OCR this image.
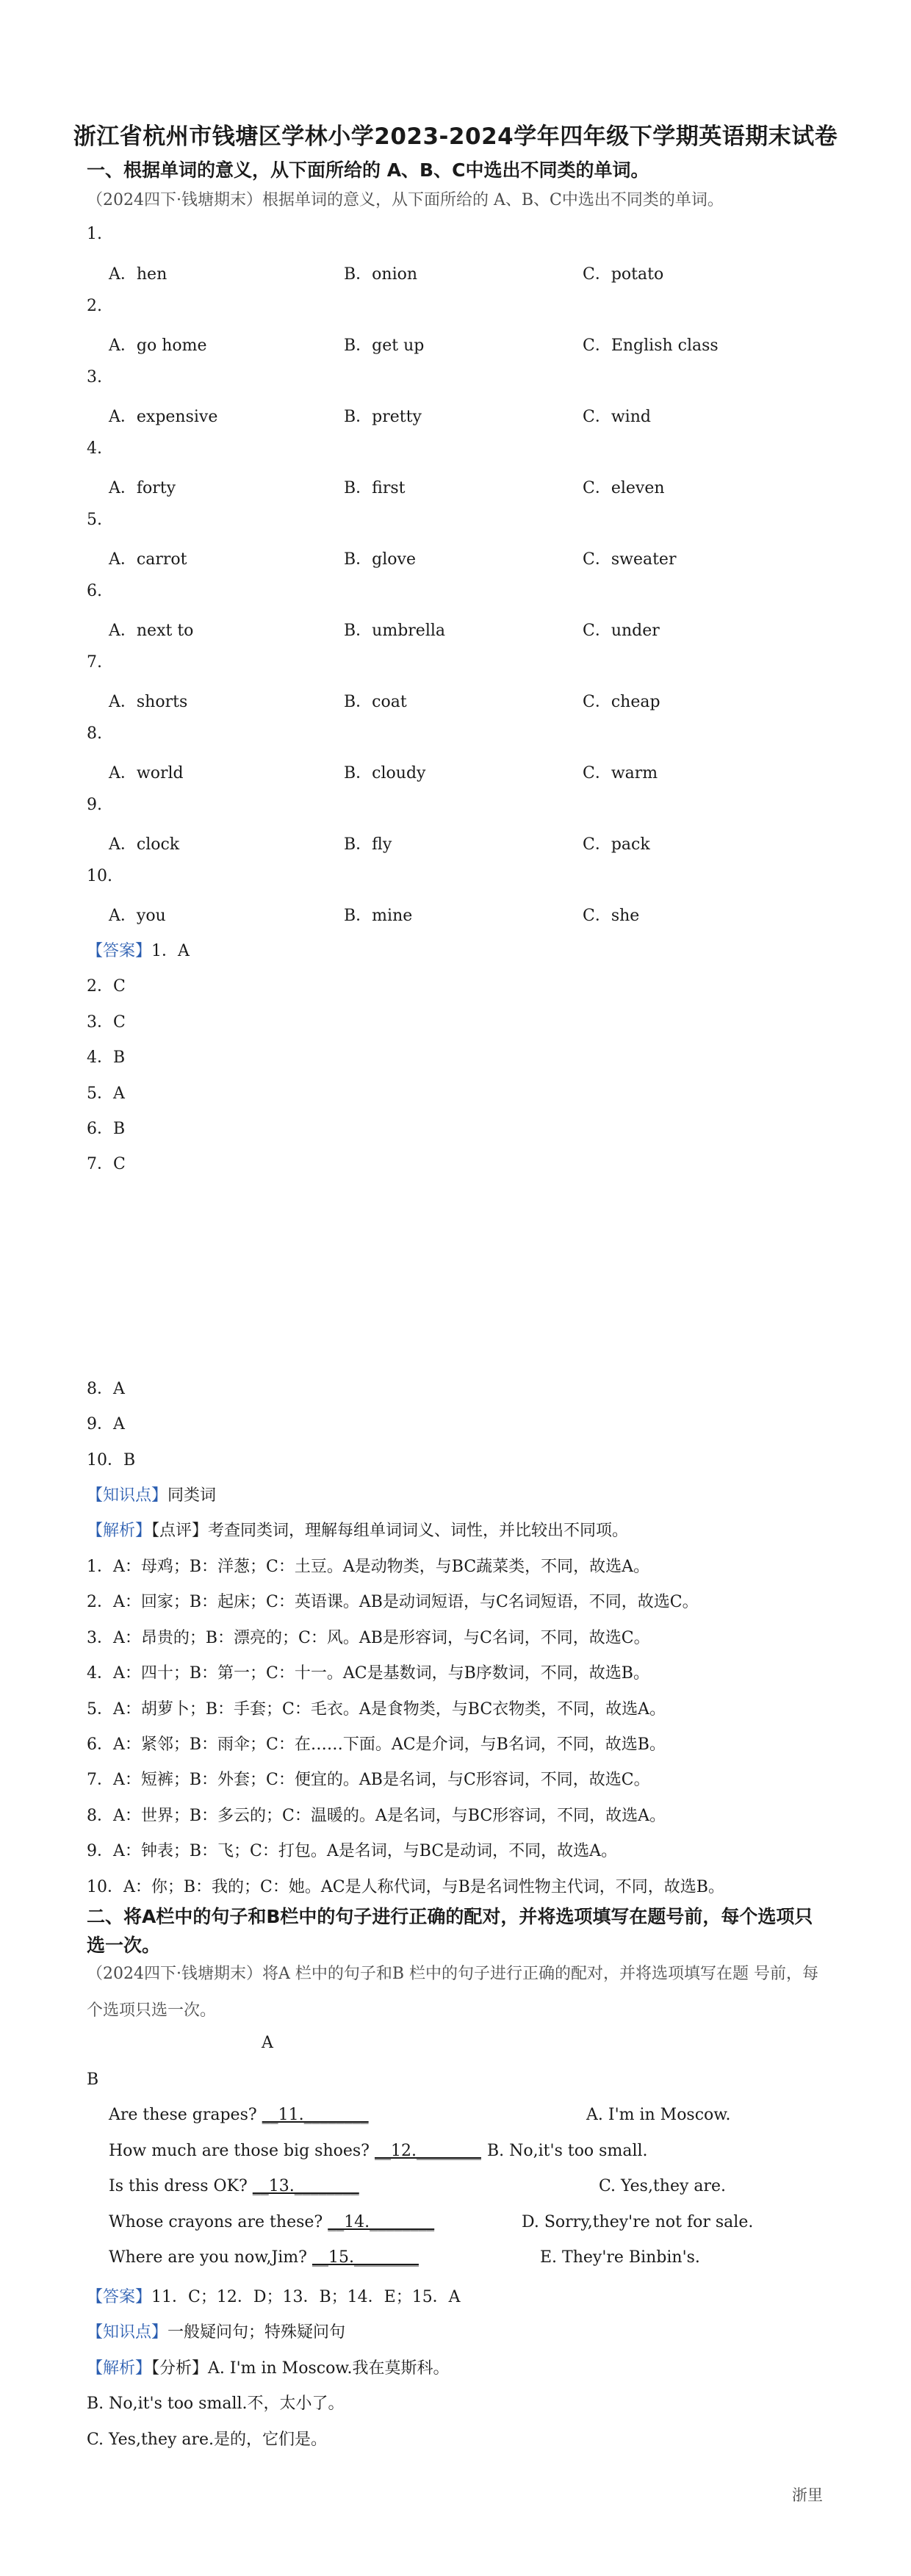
浙江省杭州市钱塘区学林小学2023-2024学年四年级下学期英语期末试卷
一、根据单词的意义，从下面所给的 A、B、C中选出不同类的单词。
（2024四下·钱塘期末）根据单词的意义，从下面所给的 A、B、C中选出不同类的单词。
1.
A．hen	B．onion	C．potato
2.
A．go home	B．get up	C．English class
3.
A．expensive	B．pretty	C．wind
4.
A．forty	B．first	C．eleven
5.
A．carrot	B．glove	C．sweater
6.
A．next to	B．umbrella	C．under
7.
A．shorts	B．coat	C．cheap
8.
A．world	B．cloudy	C．warm
9.
A．clock	B．fly	C．pack
10.
A．you	B．mine	C．she
【答案】1．A
2．C
3．C
4．B
5．A
6．B
7．C
8．A
9．A
10．B
【知识点】同类词
【解析】【点评】考查同类词，理解每组单词词义、词性，并比较出不同项。
1．A：母鸡；B：洋葱；C：土豆。A是动物类，与BC蔬菜类，不同，故选A。
2．A：回家；B：起床；C：英语课。AB是动词短语，与C名词短语，不同，故选C。
3．A：昂贵的；B：漂亮的；C：风。AB是形容词，与C名词，不同，故选C。
4．A：四十；B：第一；C：十一。AC是基数词，与B序数词，不同，故选B。
5．A：胡萝卜；B：手套；C：毛衣。A是食物类，与BC衣物类，不同，故选A。
6．A：紧邻；B：雨伞；C：在……下面。AC是介词，与B名词，不同，故选B。
7．A：短裤；B：外套；C：便宜的。AB是名词，与C形容词，不同，故选C。
8．A：世界；B：多云的；C：温暖的。A是名词，与BC形容词，不同，故选A。
9．A：钟表；B：飞；C：打包。A是名词，与BC是动词，不同，故选A。
10．A：你；B：我的；C：她。AC是人称代词，与B是名词性物主代词，不同，故选B。
二、将A栏中的句子和B栏中的句子进行正确的配对，并将选项填写在题号前，每个选项只选一次。
（2024四下·钱塘期末）将A 栏中的句子和B 栏中的句子进行正确的配对，并将选项填写在题 号前，每个选项只选一次。
A
B
Are these grapes? __11.________	A. I'm in Moscow.
How much are those big shoes? __12.________ B. No,it's too small.
Is this dress OK? __13.________	C. Yes,they are.
Whose crayons are these? __14.________	D. Sorry,they're not for sale.
Where are you now,Jim? __15.________	E. They're Binbin's.
【答案】11．C；12．D；13．B；14．E；15．A
【知识点】一般疑问句；特殊疑问句
【解析】【分析】A. I'm in Moscow.我在莫斯科。
B. No,it's too small.不，太小了。
C. Yes,they are.是的，它们是。
浙里
